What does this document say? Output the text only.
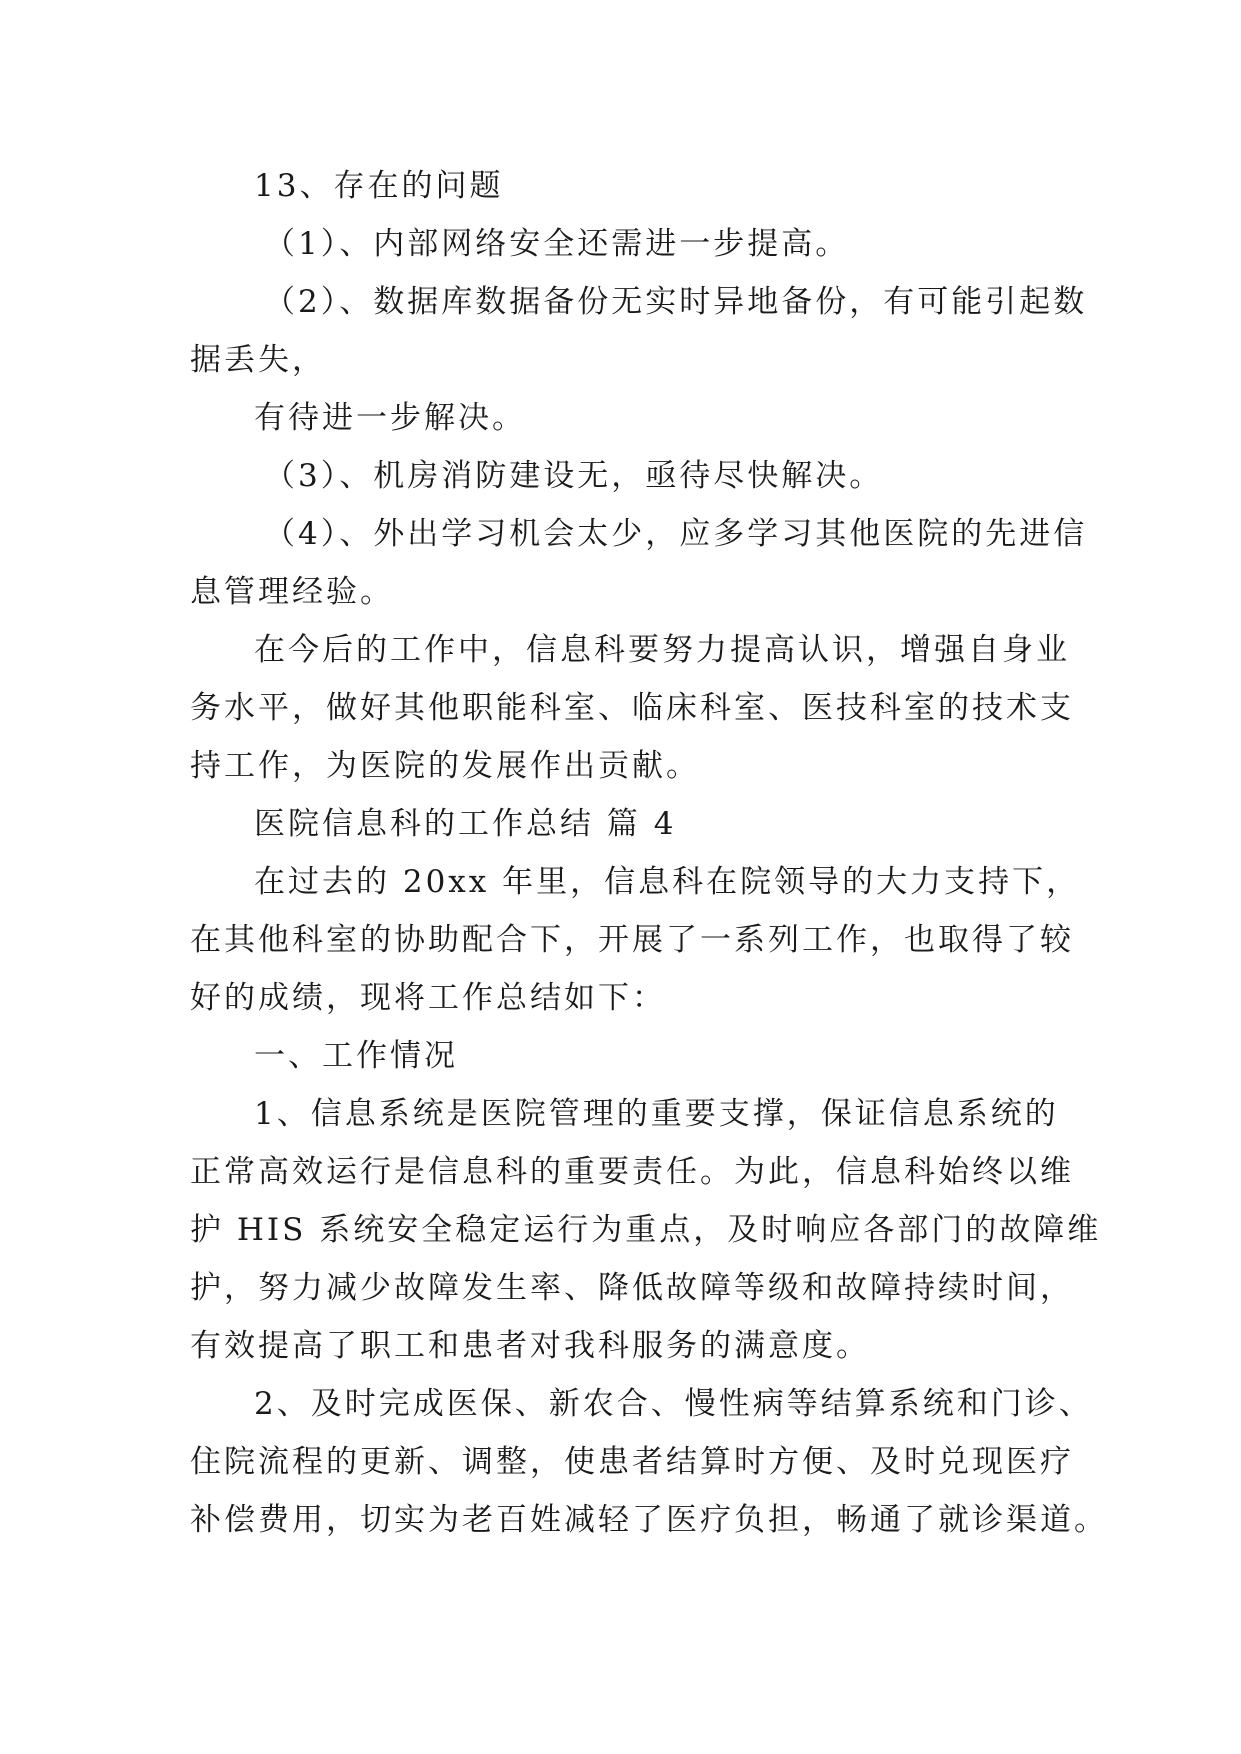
13、存在的问题
（1）、内部网络安全还需进一步提高。
（2）、数据库数据备份无实时异地备份，有可能引起数
据丢失，
有待进一步解决。
（3）、机房消防建设无，亟待尽快解决。
（4）、外出学习机会太少，应多学习其他医院的先进信
息管理经验。
在今后的工作中，信息科要努力提高认识，增强自身业
务水平，做好其他职能科室、临床科室、医技科室的技术支
持工作，为医院的发展作出贡献。
医院信息科的工作总结 篇 4
在过去的 20xx 年里，信息科在院领导的大力支持下，
在其他科室的协助配合下，开展了一系列工作，也取得了较
好的成绩，现将工作总结如下：
一、工作情况
1、信息系统是医院管理的重要支撑，保证信息系统的
正常高效运行是信息科的重要责任。为此，信息科始终以维
护 HIS 系统安全稳定运行为重点，及时响应各部门的故障维
护，努力减少故障发生率、降低故障等级和故障持续时间，
有效提高了职工和患者对我科服务的满意度。
2、及时完成医保、新农合、慢性病等结算系统和门诊、
住院流程的更新、调整，使患者结算时方便、及时兑现医疗
补偿费用，切实为老百姓减轻了医疗负担，畅通了就诊渠道。
